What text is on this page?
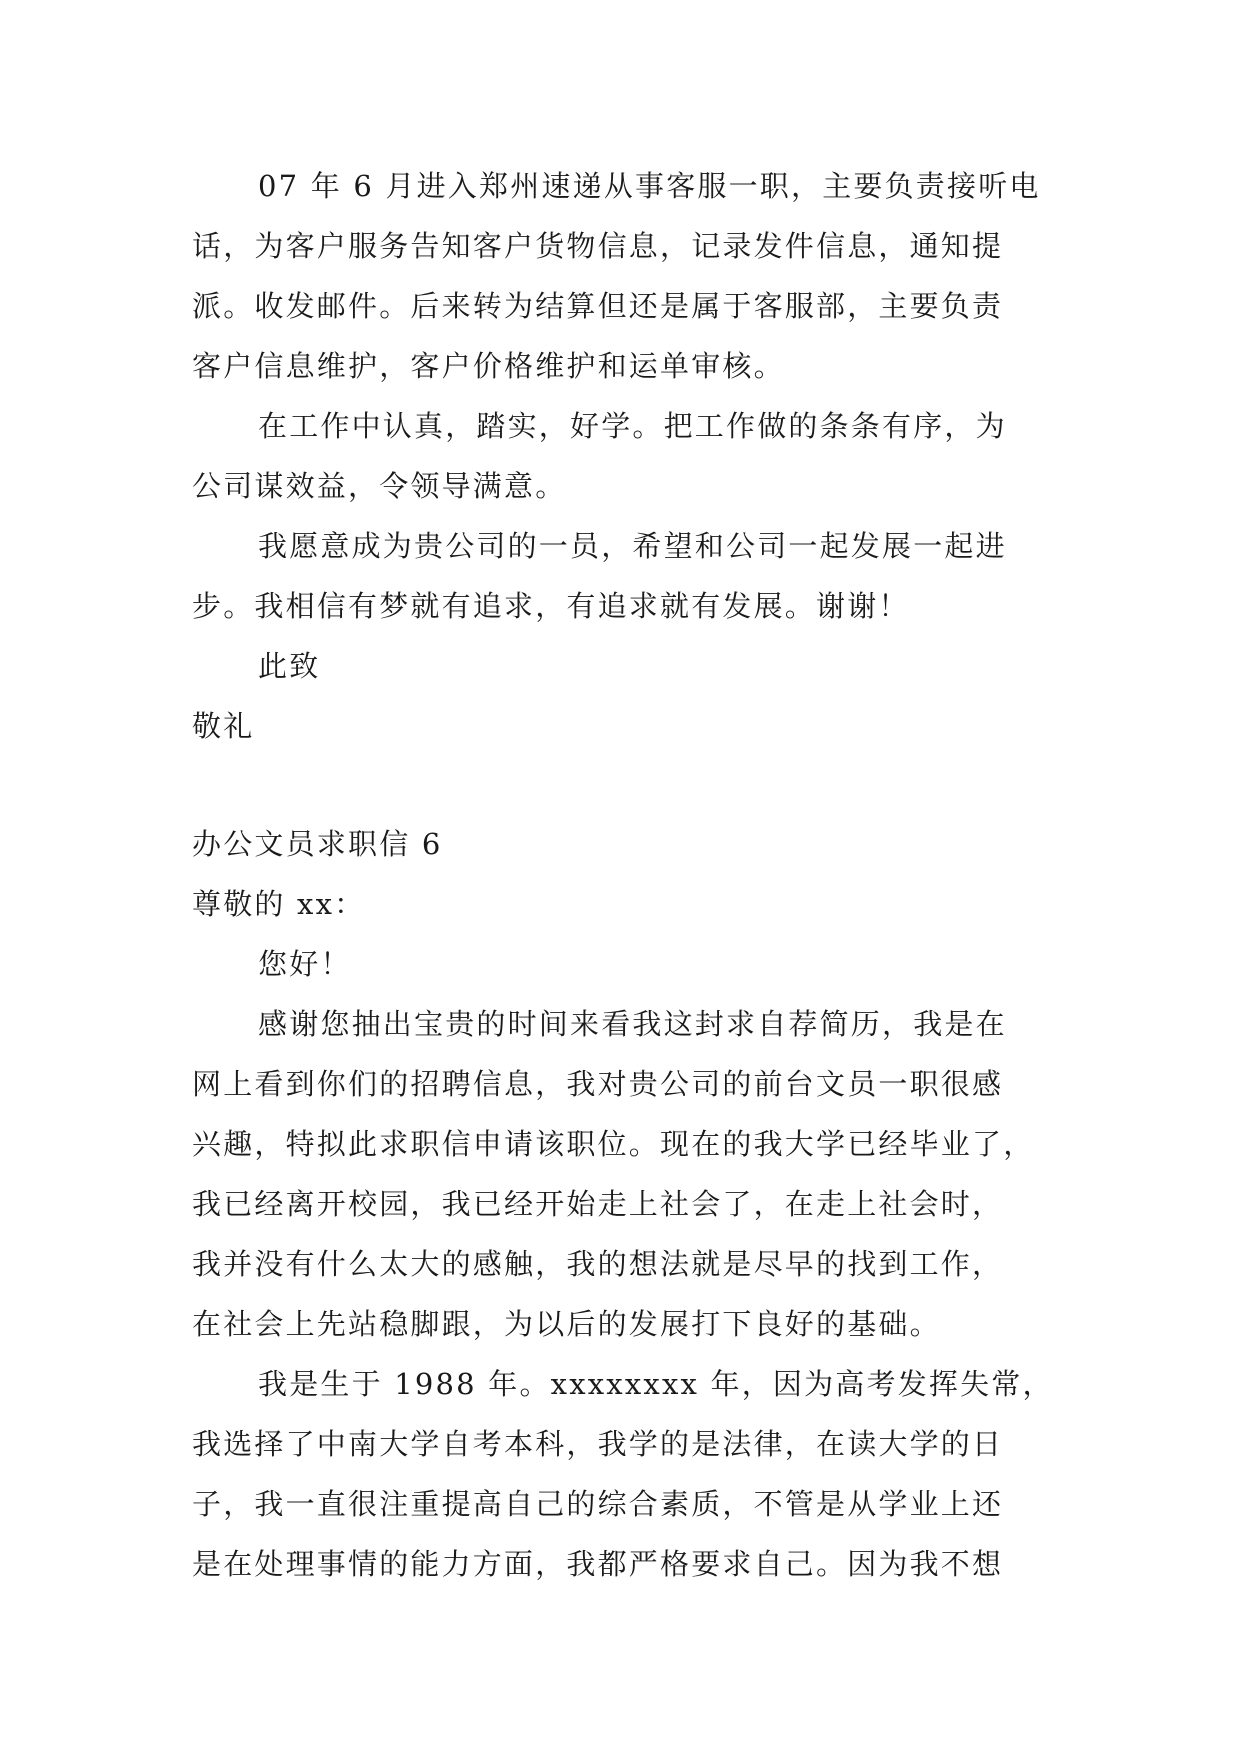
07 年 6 月进入郑州速递从事客服一职，主要负责接听电
话，为客户服务告知客户货物信息，记录发件信息，通知提
派。收发邮件。后来转为结算但还是属于客服部，主要负责
客户信息维护，客户价格维护和运单审核。
在工作中认真，踏实，好学。把工作做的条条有序，为
公司谋效益，令领导满意。
我愿意成为贵公司的一员，希望和公司一起发展一起进
步。我相信有梦就有追求，有追求就有发展。谢谢！
此致
敬礼
办公文员求职信 6
尊敬的 xx：
您好！
感谢您抽出宝贵的时间来看我这封求自荐简历，我是在
网上看到你们的招聘信息，我对贵公司的前台文员一职很感
兴趣，特拟此求职信申请该职位。现在的我大学已经毕业了，
我已经离开校园，我已经开始走上社会了，在走上社会时，
我并没有什么太大的感触，我的想法就是尽早的找到工作，
在社会上先站稳脚跟，为以后的发展打下良好的基础。
我是生于 1988 年。xxxxxxxx 年，因为高考发挥失常，
我选择了中南大学自考本科，我学的是法律，在读大学的日
子，我一直很注重提高自己的综合素质，不管是从学业上还
是在处理事情的能力方面，我都严格要求自己。因为我不想
